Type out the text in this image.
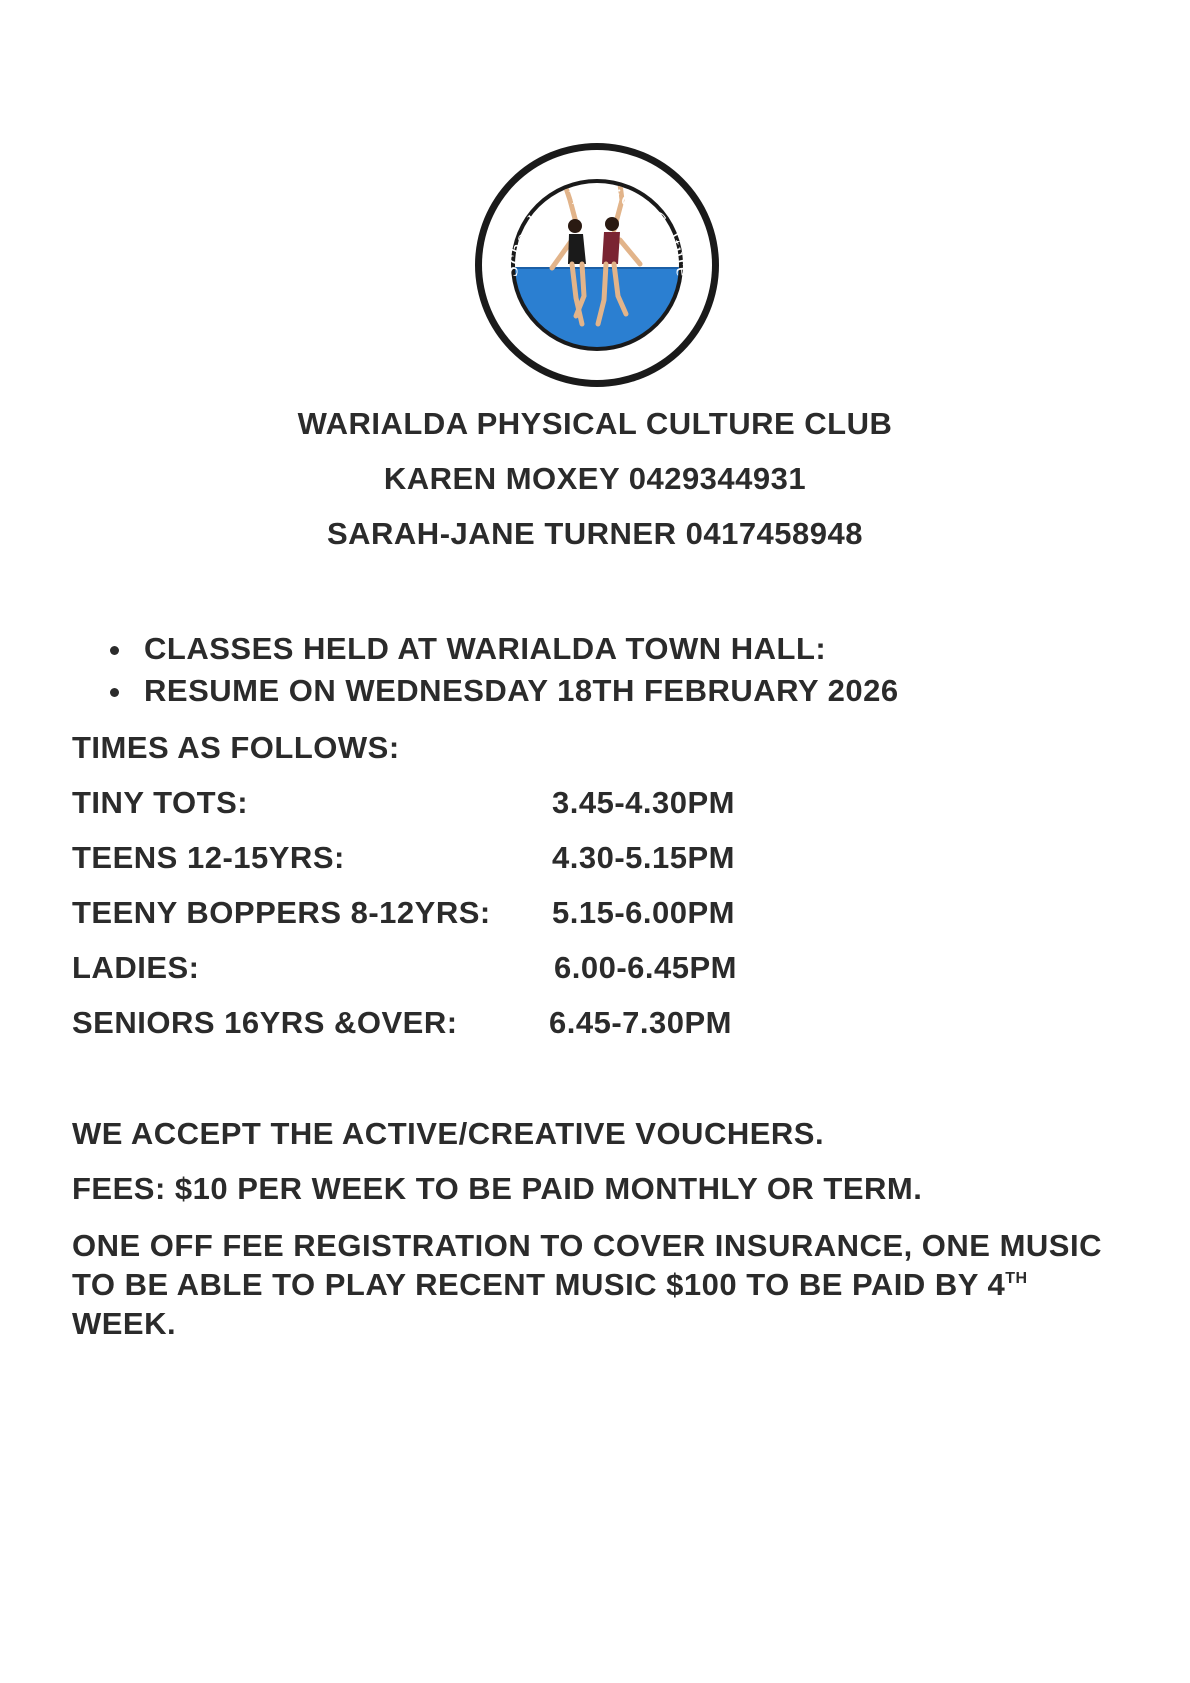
School Of Physical Culture
Lea
WARIALDA PHYSICAL CULTURE CLUB
KAREN MOXEY 0429344931
SARAH-JANE TURNER 0417458948
CLASSES HELD AT WARIALDA TOWN HALL:
RESUME ON WEDNESDAY 18TH FEBRUARY 2026
TIMES AS FOLLOWS:
TINY TOTS:	3.45-4.30PM
TEENS 12-15YRS:	4.30-5.15PM
TEENY BOPPERS 8-12YRS: 5.15-6.00PM
LADIES:	6.00-6.45PM
SENIORS 16YRS &OVER:	6.45-7.30PM
WE ACCEPT THE ACTIVE/CREATIVE VOUCHERS.
FEES: $10 PER WEEK TO BE PAID MONTHLY OR TERM.
ONE OFF FEE REGISTRATION TO COVER INSURANCE, ONE MUSIC TO BE ABLE TO PLAY RECENT MUSIC $100 TO BE PAID BY 4TH WEEK.
